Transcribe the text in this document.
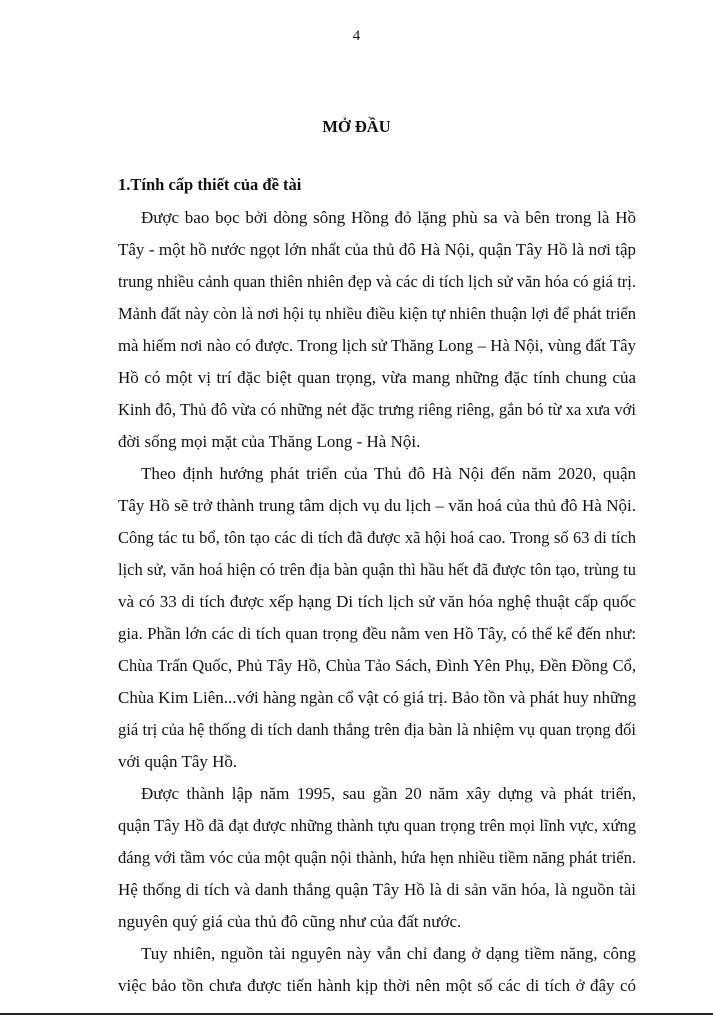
4
MỞ ĐẦU
1.Tính cấp thiết của đề tài
Được bao bọc bởi dòng sông Hồng đỏ lặng phù sa và bên trong là Hồ
Tây - một hồ nước ngọt lớn nhất của thủ đô Hà Nội, quận Tây Hồ là nơi tập
trung nhiều cảnh quan thiên nhiên đẹp và các di tích lịch sử văn hóa có giá trị.
Mảnh đất này còn là nơi hội tụ nhiều điều kiện tự nhiên thuận lợi để phát triển
mà hiếm nơi nào có được. Trong lịch sử Thăng Long – Hà Nội, vùng đất Tây
Hồ có một vị trí đặc biệt quan trọng, vừa mang những đặc tính chung của
Kinh đô, Thủ đô vừa có những nét đặc trưng riêng riêng, gắn bó từ xa xưa với
đời sống mọi mặt của Thăng Long - Hà Nội.
Theo định hướng phát triển của Thủ đô Hà Nội đến năm 2020, quận
Tây Hồ sẽ trở thành trung tâm dịch vụ du lịch – văn hoá của thủ đô Hà Nội.
Công tác tu bổ, tôn tạo các di tích đã được xã hội hoá cao. Trong số 63 di tích
lịch sử, văn hoá hiện có trên địa bàn quận thì hầu hết đã được tôn tạo, trùng tu
và có 33 di tích được xếp hạng Di tích lịch sử văn hóa nghệ thuật cấp quốc
gia. Phần lớn các di tích quan trọng đều nằm ven Hồ Tây, có thể kể đến như:
Chùa Trấn Quốc, Phủ Tây Hồ, Chùa Tảo Sách, Đình Yên Phụ, Đền Đồng Cổ,
Chùa Kim Liên...với hàng ngàn cổ vật có giá trị. Bảo tồn và phát huy những
giá trị của hệ thống di tích danh thắng trên địa bàn là nhiệm vụ quan trọng đối
với quận Tây Hồ.
Được thành lập năm 1995, sau gần 20 năm xây dựng và phát triển,
quận Tây Hồ đã đạt được những thành tựu quan trọng trên mọi lĩnh vực, xứng
đáng với tầm vóc của một quận nội thành, hứa hẹn nhiều tiềm năng phát triển.
Hệ thống di tích và danh thắng quận Tây Hồ là di sản văn hóa, là nguồn tài
nguyên quý giá của thủ đô cũng như của đất nước.
Tuy nhiên, nguồn tài nguyên này vẫn chỉ đang ở dạng tiềm năng, công
việc bảo tồn chưa được tiến hành kịp thời nên một số các di tích ở đây có
